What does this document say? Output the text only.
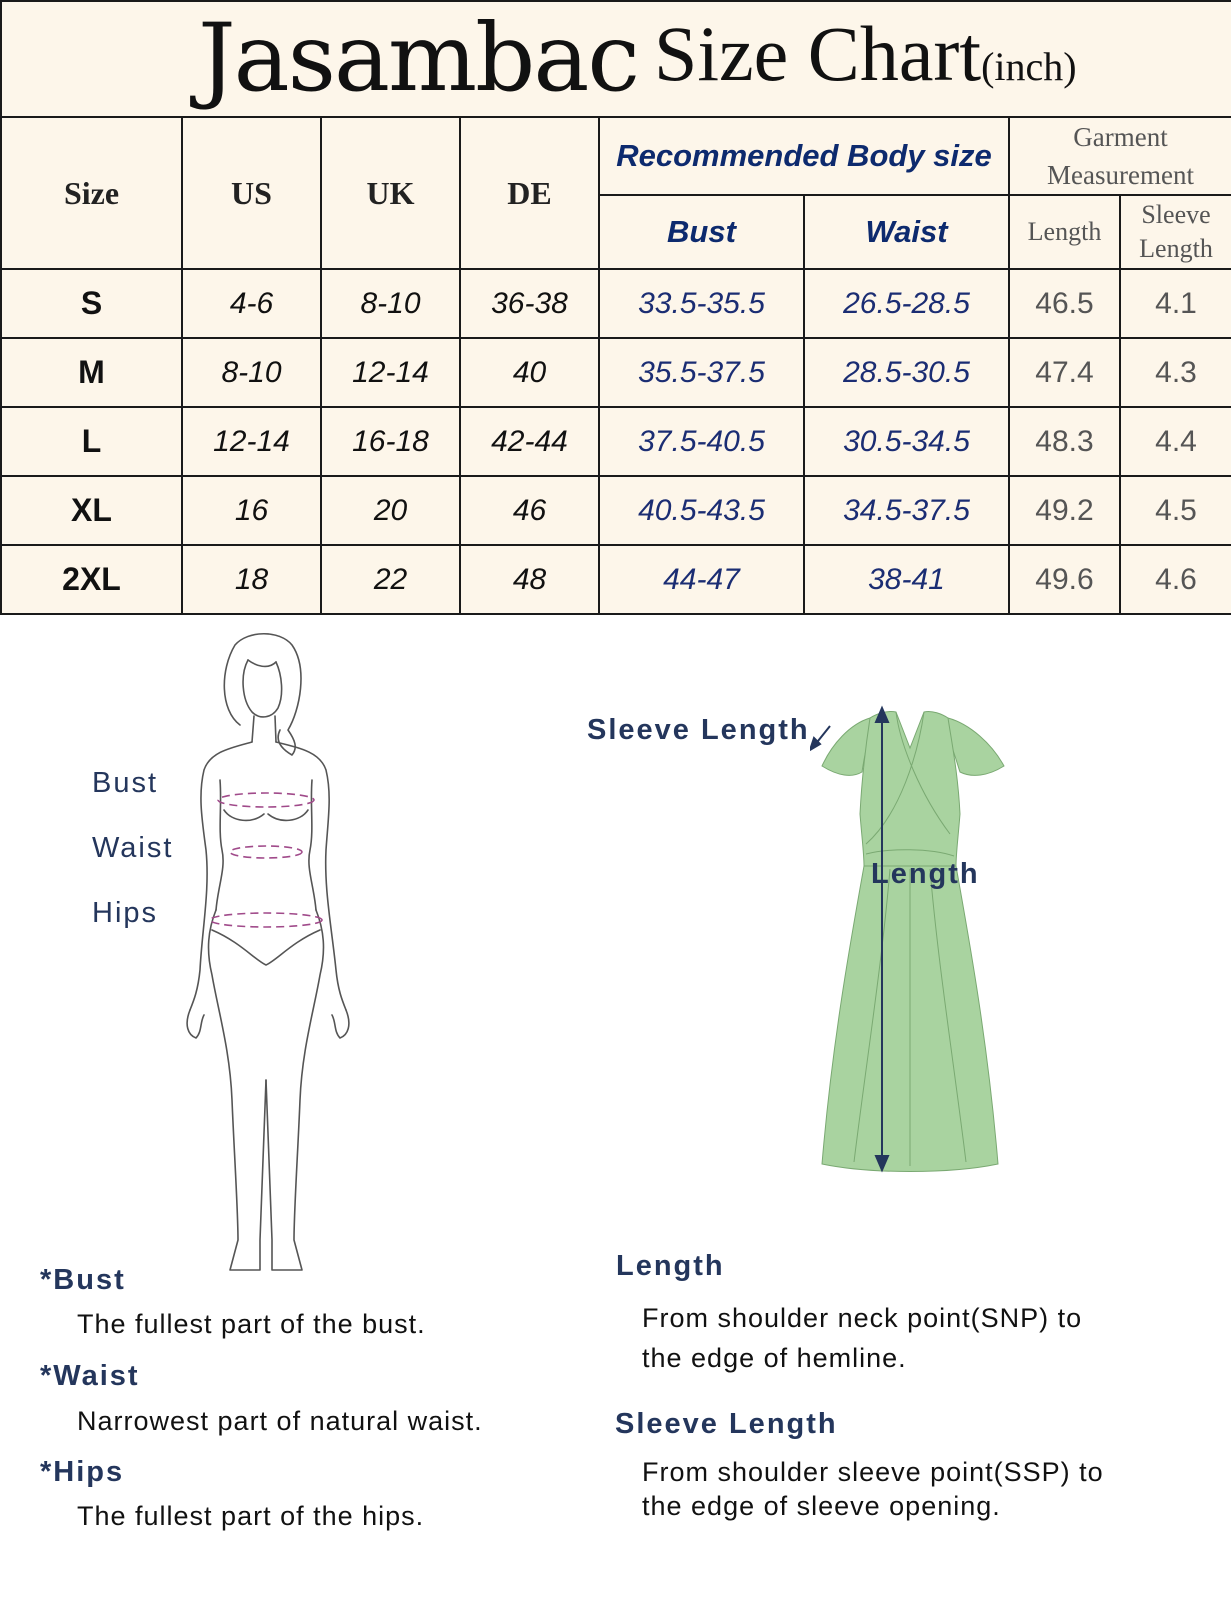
Jasambac Size Chart(inch)							

Size	US	UK	DE	Recommended Body size		Garment
Measurement	

				Bust	Waist	Length	Sleeve
Length

S	4-6	8-10	36-38	33.5-35.5	26.5-28.5	46.5	4.1
M	8-10	12-14	40	35.5-37.5	28.5-30.5	47.4	4.3
L	12-14	16-18	42-44	37.5-40.5	30.5-34.5	48.3	4.4
XL	16	20	46	40.5-43.5	34.5-37.5	49.2	4.5
2XL	18	22	48	44-47	38-41	49.6	4.6
Bust
Waist
Hips
Sleeve Length
Length
*Bust
The fullest part of the bust.
*Waist
Narrowest part of natural waist.
*Hips
The fullest part of the hips.
Length
From shoulder neck point(SNP) to
the edge of hemline.
Sleeve Length
From shoulder sleeve point(SSP) to
the edge of sleeve opening.
